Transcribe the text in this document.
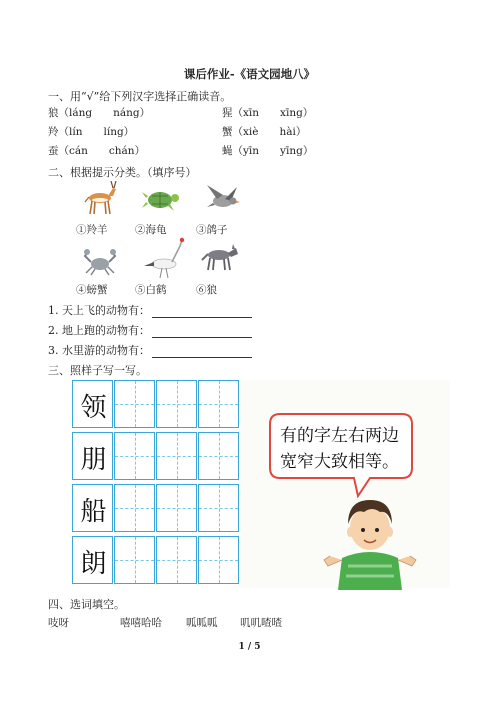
课后作业-《语文园地八》
一、用“√”给下列汉字选择正确读音。
狼（láng　　náng）	猩（xīn　　xīng）
羚（lín　　líng）	蟹（xiè　　hài）
蚕（cán　　chán）	蝇（yīn　　yīng）
二、根据提示分类。（填序号）
①羚羊	②海龟	③鸽子
④螃蟹	⑤白鹤	⑥狼
1. 天上飞的动物有：
2. 地上跑的动物有：
3. 水里游的动物有：
三、照样子写一写。
领
朋
船
朗
有的字左右两边
宽窄大致相等。
四、选词填空。
吱呀	嘻嘻哈哈 呱呱呱 叽叽喳喳
1 / 5
